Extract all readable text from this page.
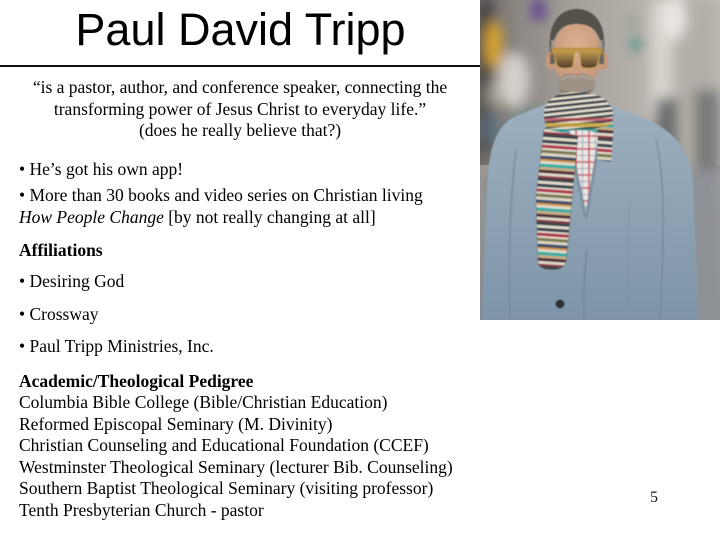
Paul David Tripp
“is a pastor, author, and conference speaker, connecting the
transforming power of Jesus Christ to everyday life.”
(does he really believe that?)
• He’s got his own app!
• More than 30 books and video series on Christian living
How People Change [by not really changing at all]
Affiliations
• Desiring God
• Crossway
• Paul Tripp Ministries, Inc.
Academic/Theological Pedigree
Columbia Bible College (Bible/Christian Education)
Reformed Episcopal Seminary (M. Divinity)
Christian Counseling and Educational Foundation (CCEF)
Westminster Theological Seminary (lecturer Bib. Counseling)
Southern Baptist Theological Seminary (visiting professor)
Tenth Presbyterian Church - pastor
5
